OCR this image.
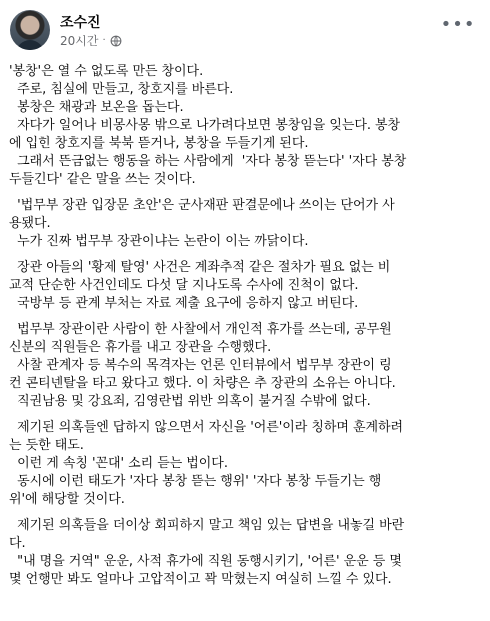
조수진
20시간 ·
•••
'봉창'은 열 수 없도록 만든 창이다.
주로, 침실에 만들고, 창호지를 바른다.
봉창은 채광과 보온을 돕는다.
자다가 일어나 비몽사몽 밖으로 나가려다보면 봉창임을 잊는다. 봉창
에 입힌 창호지를 북북 뜯거나, 봉창을 두들기게 된다.
그래서 뜬금없는 행동을 하는 사람에게  '자다 봉창 뜯는다' '자다 봉창
두들긴다' 같은 말을 쓰는 것이다.
'법무부 장관 입장문 초안'은 군사재판 판결문에나 쓰이는 단어가 사
용됐다.
누가 진짜 법무부 장관이냐는 논란이 이는 까닭이다.
장관 아들의 '황제 탈영' 사건은 계좌추적 같은 절차가 필요 없는 비
교적 단순한 사건인데도 다섯 달 지나도록 수사에 진척이 없다.
국방부 등 관계 부처는 자료 제출 요구에 응하지 않고 버틴다.
법무부 장관이란 사람이 한 사찰에서 개인적 휴가를 쓰는데, 공무원
신분의 직원들은 휴가를 내고 장관을 수행했다.
사찰 관계자 등 복수의 목격자는 언론 인터뷰에서 법무부 장관이 링
컨 콘티넨탈을 타고 왔다고 했다. 이 차량은 추 장관의 소유는 아니다.
직권남용 및 강요죄, 김영란법 위반 의혹이 불거질 수밖에 없다.
제기된 의혹들엔 답하지 않으면서 자신을 '어른'이라 칭하며 훈계하려
는 듯한 태도.
이런 게 속칭 '꼰대' 소리 듣는 법이다.
동시에 이런 태도가 '자다 봉창 뜯는 행위' '자다 봉창 두들기는 행
위'에 해당할 것이다.
제기된 의혹들을 더이상 회피하지 말고 책임 있는 답변을 내놓길 바란
다.
"내 명을 거역" 운운, 사적 휴가에 직원 동행시키기, '어른' 운운 등 몇
몇 언행만 봐도 얼마나 고압적이고 꽉 막혔는지 여실히 느낄 수 있다.
